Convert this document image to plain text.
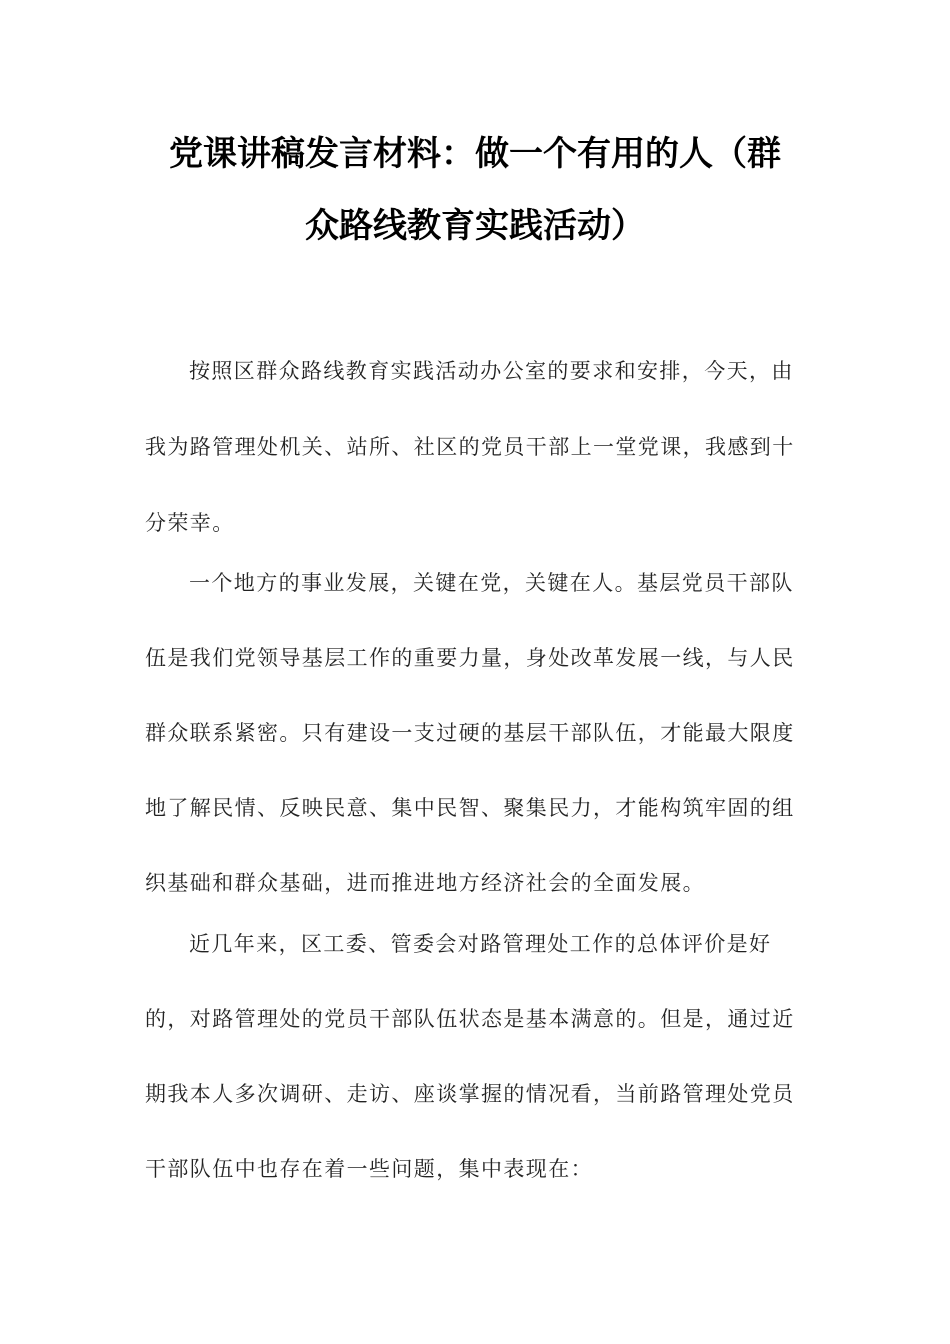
党课讲稿发言材料：做一个有用的人（群
众路线教育实践活动）
按照区群众路线教育实践活动办公室的要求和安排，今天，由
我为路管理处机关、站所、社区的党员干部上一堂党课，我感到十
分荣幸。
一个地方的事业发展，关键在党，关键在人。基层党员干部队
伍是我们党领导基层工作的重要力量，身处改革发展一线，与人民
群众联系紧密。只有建设一支过硬的基层干部队伍，才能最大限度
地了解民情、反映民意、集中民智、聚集民力，才能构筑牢固的组
织基础和群众基础，进而推进地方经济社会的全面发展。
近几年来，区工委、管委会对路管理处工作的总体评价是好
的，对路管理处的党员干部队伍状态是基本满意的。但是，通过近
期我本人多次调研、走访、座谈掌握的情况看，当前路管理处党员
干部队伍中也存在着一些问题，集中表现在：
